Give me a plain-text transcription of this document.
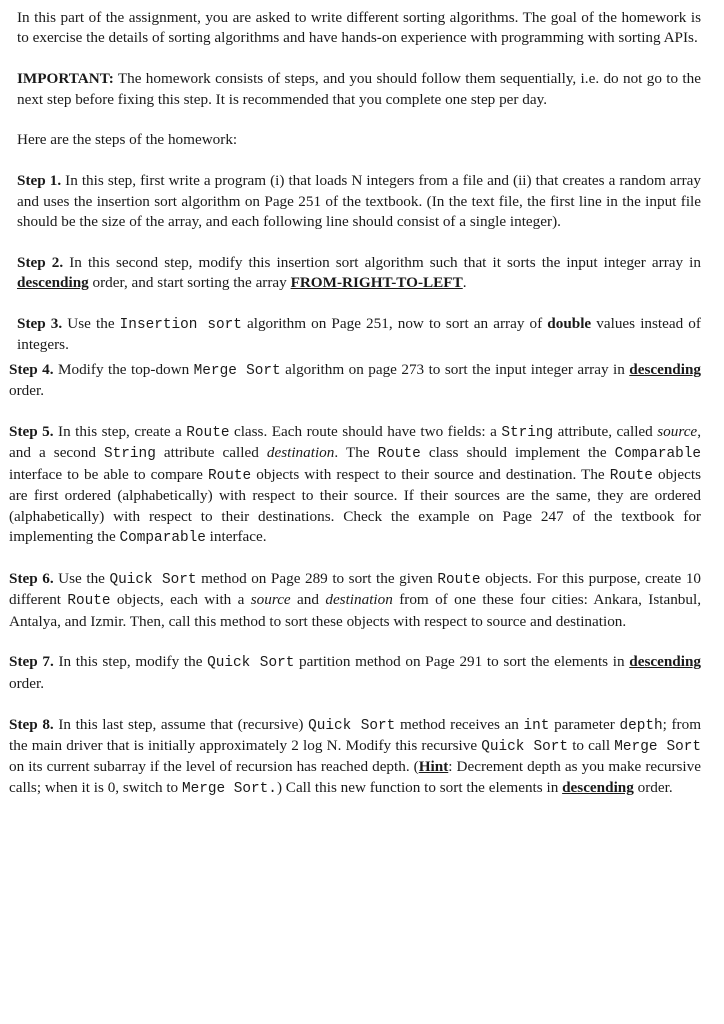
In this part of the assignment, you are asked to write different sorting algorithms. The goal of the homework is to exercise the details of sorting algorithms and have hands-on experience with programming with sorting APIs.

IMPORTANT: The homework consists of steps, and you should follow them sequentially, i.e. do not go to the next step before fixing this step. It is recommended that you complete one step per day.

Here are the steps of the homework:

Step 1. In this step, first write a program (i) that loads N integers from a file and (ii) that creates a random array and uses the insertion sort algorithm on Page 251 of the textbook. (In the text file, the first line in the input file should be the size of the array, and each following line should consist of a single integer).

Step 2. In this second step, modify this insertion sort algorithm such that it sorts the input integer array in descending order, and start sorting the array FROM-RIGHT-TO-LEFT.

Step 3. Use the Insertion sort algorithm on Page 251, now to sort an array of double values instead of integers.

Step 4. Modify the top-down Merge Sort algorithm on page 273 to sort the input integer array in descending order.

Step 5. In this step, create a Route class. Each route should have two fields: a String attribute, called source, and a second String attribute called destination. The Route class should implement the Comparable interface to be able to compare Route objects with respect to their source and destination. The Route objects are first ordered (alphabetically) with respect to their source. If their sources are the same, they are ordered (alphabetically) with respect to their destinations. Check the example on Page 247 of the textbook for implementing the Comparable interface.

Step 6. Use the Quick Sort method on Page 289 to sort the given Route objects. For this purpose, create 10 different Route objects, each with a source and destination from of one these four cities: Ankara, Istanbul, Antalya, and Izmir. Then, call this method to sort these objects with respect to source and destination.

Step 7. In this step, modify the Quick Sort partition method on Page 291 to sort the elements in descending order.

Step 8. In this last step, assume that (recursive) Quick Sort method receives an int parameter depth; from the main driver that is initially approximately 2 log N. Modify this recursive Quick Sort to call Merge Sort on its current subarray if the level of recursion has reached depth. (Hint: Decrement depth as you make recursive calls; when it is 0, switch to Merge Sort.) Call this new function to sort the elements in descending order.
